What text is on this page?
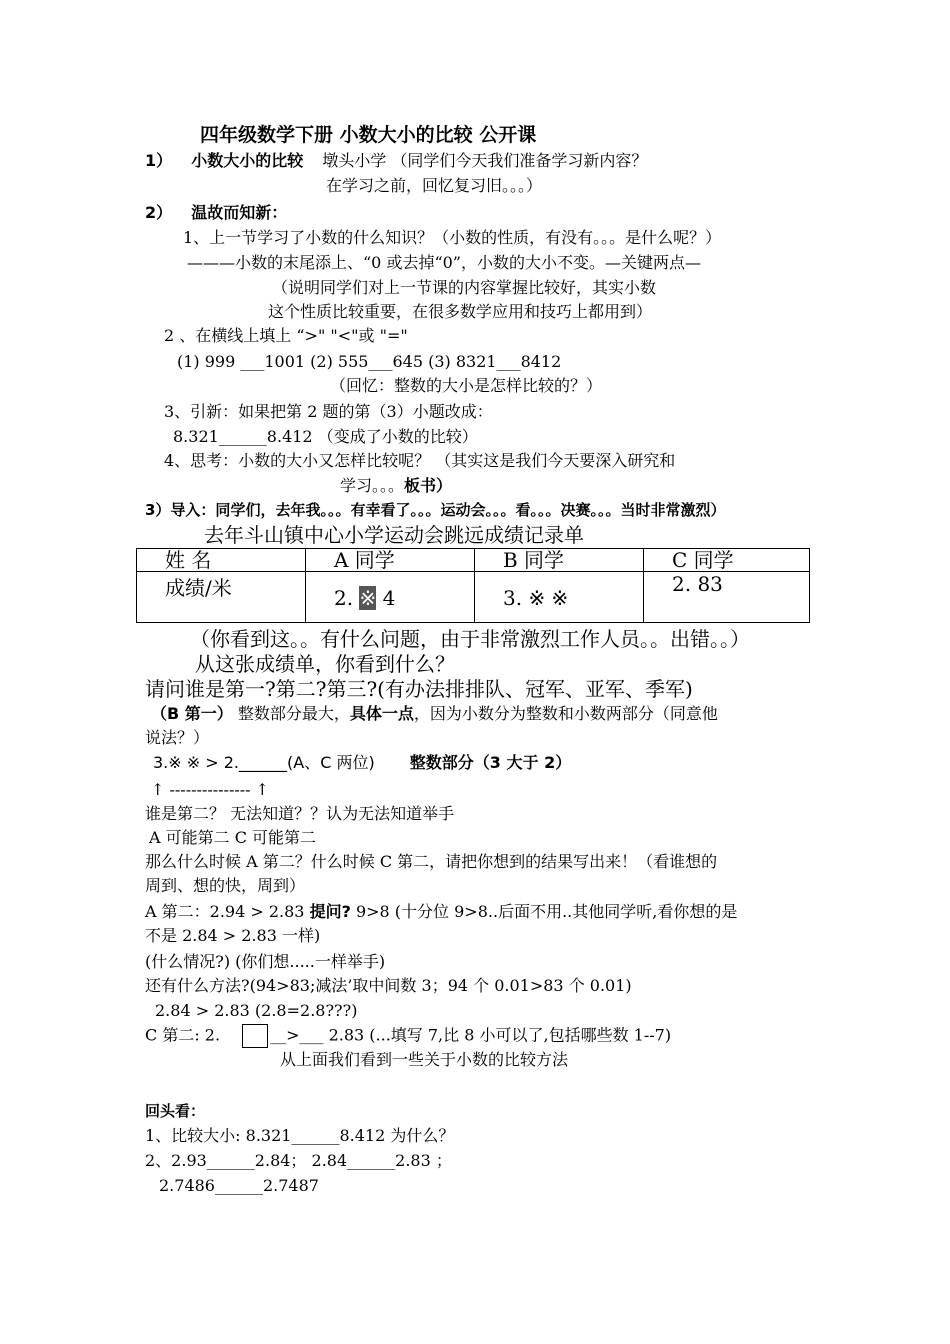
四年级数学下册 小数大小的比较 公开课
1） 小数大小的比较 墩头小学 （同学们今天我们准备学习新内容？
在学习之前，回忆复习旧。。。）
2） 温故而知新：
1、上一节学习了小数的什么知识？（小数的性质，有没有。。。是什么呢？）
———小数的末尾添上、“0 或去掉“0”，小数的大小不变。—关键两点—
（说明同学们对上一节课的内容掌握比较好，其实小数
这个性质比较重要，在很多数学应用和技巧上都用到）
2 、在横线上填上 “>" "<"或 "="
(1) 999 ___1001 (2) 555___645 (3) 8321___8412
（回忆：整数的大小是怎样比较的？）
3、引新：如果把第 2 题的第（3）小题改成：
8.321______8.412 （变成了小数的比较）
4、思考：小数的大小又怎样比较呢？ （其实这是我们今天要深入研究和
学习。。。板书）
3）导入：同学们，去年我。。。有幸看了。。。运动会。。。看。。。决赛。。。当时非常激烈）
去年斗山镇中心小学运动会跳远成绩记录单
姓 名	A 同学	B 同学	C 同学
成绩/米	2. ※ 4	3. ※ ※	2. 83
（你看到这。。有什么问题，由于非常激烈工作人员。。出错。。）
从这张成绩单，你看到什么？
请问谁是第一?第二?第三?(有办法排排队、冠军、亚军、季军)
（B 第一） 整数部分最大，具体一点，因为小数分为整数和小数两部分（同意他
说法？）
3.※ ※ > 2.______(A、C 两位) 整数部分（3 大于 2）
↑ --------------- ↑
谁是第二？ 无法知道？？认为无法知道举手
A 可能第二 C 可能第二
那么什么时候 A 第二？什么时候 C 第二，请把你想到的结果写出来！（看谁想的
周到、想的快，周到）
A 第二：2.94 > 2.83 提问? 9>8 (十分位 9>8..后面不用..其他同学听,看你想的是
不是 2.84 > 2.83 一样)
(什么情况?) (你们想.....一样举手)
还有什么方法?(94>83;减法’取中间数 3；94 个 0.01>83 个 0.01)
2.84 > 2.83 (2.8=2.8???)
C 第二: 2.	__>___ 2.83 (...填写 7,比 8 小可以了,包括哪些数 1--7)
从上面我们看到一些关于小数的比较方法
回头看：
1、比较大小: 8.321______8.412 为什么？
2、2.93______2.84； 2.84______2.83 ；
2.7486______2.7487
